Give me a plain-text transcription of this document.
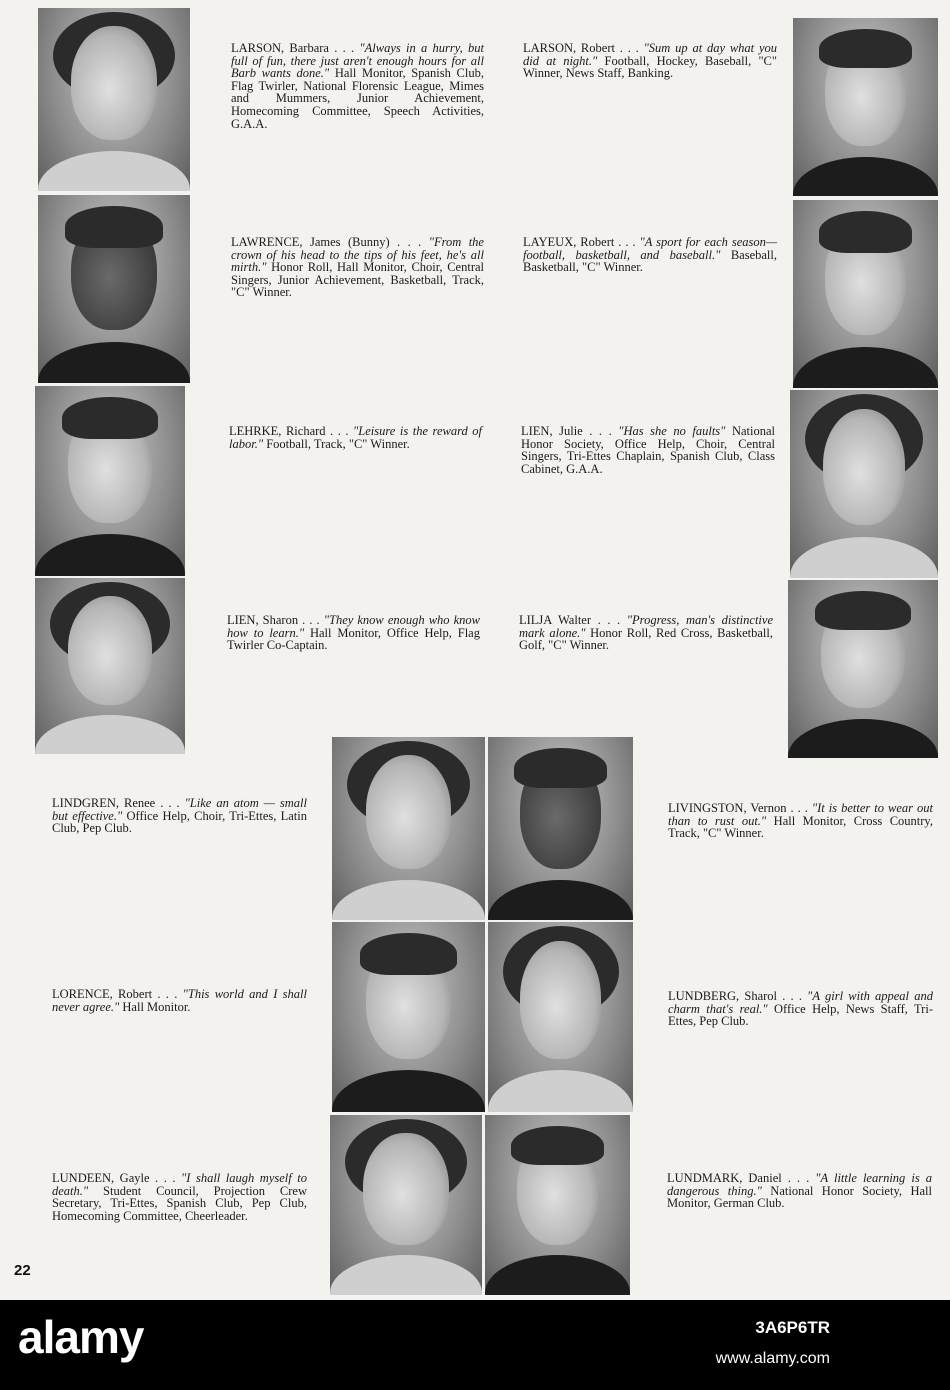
LARSON, Barbara . . . "Always in a hurry, but full of fun, there just aren't enough hours for all Barb wants done." Hall Monitor, Spanish Club, Flag Twirler, National Florensic League, Mimes and Mummers, Junior Achievement, Homecoming Committee, Speech Activities, G.A.A.
LARSON, Robert . . . "Sum up at day what you did at night." Football, Hockey, Baseball, "C" Winner, News Staff, Banking.
LAWRENCE, James (Bunny) . . . "From the crown of his head to the tips of his feet, he's all mirth." Honor Roll, Hall Monitor, Choir, Central Singers, Junior Achievement, Basketball, Track, "C" Winner.
LAYEUX, Robert . . . "A sport for each season—football, basketball, and baseball." Baseball, Basketball, "C" Winner.
LEHRKE, Richard . . . "Leisure is the reward of labor." Football, Track, "C" Winner.
LIEN, Julie . . . "Has she no faults" National Honor Society, Office Help, Choir, Central Singers, Tri-Ettes Chaplain, Spanish Club, Class Cabinet, G.A.A.
LIEN, Sharon . . . "They know enough who know how to learn." Hall Monitor, Office Help, Flag Twirler Co-Captain.
LILJA Walter . . . "Progress, man's distinctive mark alone." Honor Roll, Red Cross, Basketball, Golf, "C" Winner.
LINDGREN, Renee . . . "Like an atom — small but effective." Office Help, Choir, Tri-Ettes, Latin Club, Pep Club.
LIVINGSTON, Vernon . . . "It is better to wear out than to rust out." Hall Monitor, Cross Country, Track, "C" Winner.
LORENCE, Robert . . . "This world and I shall never agree." Hall Monitor.
LUNDBERG, Sharol . . . "A girl with appeal and charm that's real." Office Help, News Staff, Tri-Ettes, Pep Club.
LUNDEEN, Gayle . . . "I shall laugh myself to death." Student Council, Projection Crew Secretary, Tri-Ettes, Spanish Club, Pep Club, Homecoming Committee, Cheerleader.
LUNDMARK, Daniel . . . "A little learning is a dangerous thing." National Honor Society, Hall Monitor, German Club.
22
alamy	3A6P6TR
www.alamy.com
